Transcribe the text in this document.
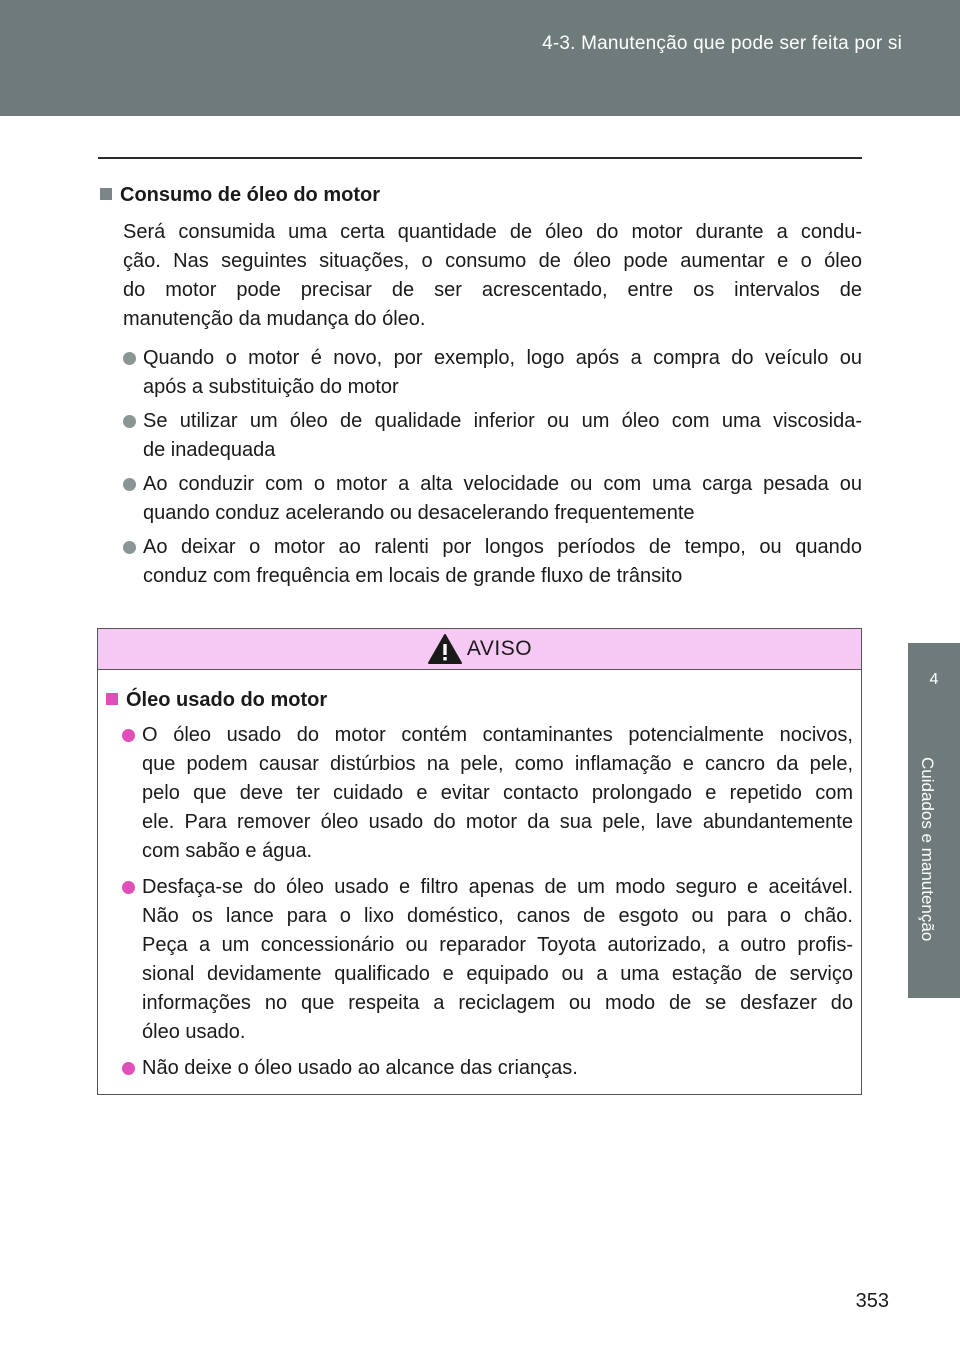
4-3. Manutenção que pode ser feita por si
4
Cuidados e manutenção
Consumo de óleo do motor
Será consumida uma certa quantidade de óleo do motor durante a condu-
ção. Nas seguintes situações, o consumo de óleo pode aumentar e o óleo
do motor pode precisar de ser acrescentado, entre os intervalos de
manutenção da mudança do óleo.
Quando o motor é novo, por exemplo, logo após a compra do veículo ou
após a substituição do motor
Se utilizar um óleo de qualidade inferior ou um óleo com uma viscosida-
de inadequada
Ao conduzir com o motor a alta velocidade ou com uma carga pesada ou
quando conduz acelerando ou desacelerando frequentemente
Ao deixar o motor ao ralenti por longos períodos de tempo, ou quando
conduz com frequência em locais de grande fluxo de trânsito
AVISO
Óleo usado do motor
O óleo usado do motor contém contaminantes potencialmente nocivos,
que podem causar distúrbios na pele, como inflamação e cancro da pele,
pelo que deve ter cuidado e evitar contacto prolongado e repetido com
ele. Para remover óleo usado do motor da sua pele, lave abundantemente
com sabão e água.
Desfaça-se do óleo usado e filtro apenas de um modo seguro e aceitável.
Não os lance para o lixo doméstico, canos de esgoto ou para o chão.
Peça a um concessionário ou reparador Toyota autorizado, a outro profis-
sional devidamente qualificado e equipado ou a uma estação de serviço
informações no que respeita a reciclagem ou modo de se desfazer do
óleo usado.
Não deixe o óleo usado ao alcance das crianças.
353
